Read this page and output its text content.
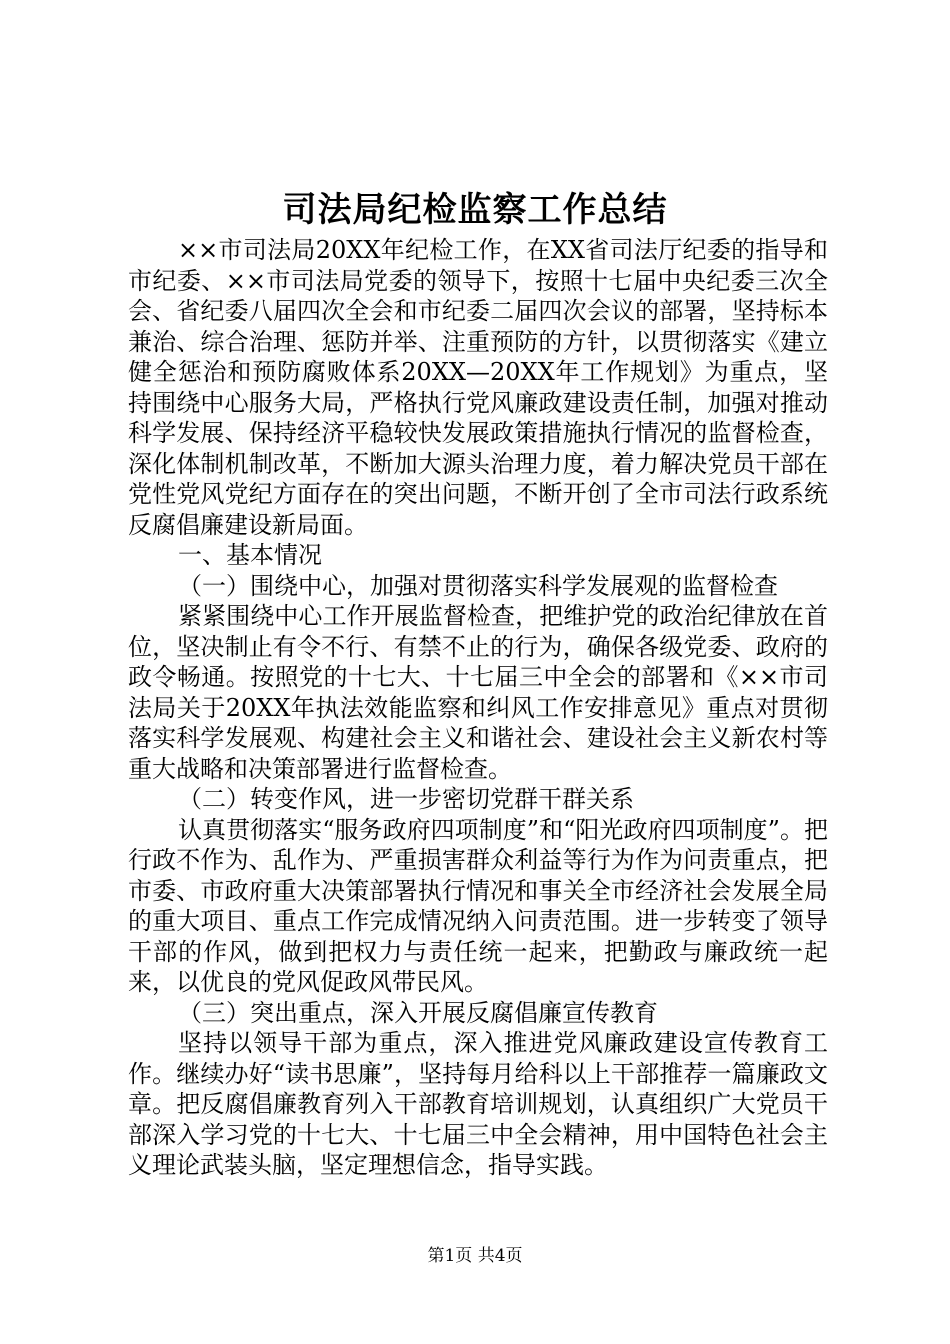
司法局纪检监察工作总结

××市司法局20XX年纪检工作，在XX省司法厅纪委的指导和市纪委、××市司法局党委的领导下，按照十七届中央纪委三次全会、省纪委八届四次全会和市纪委二届四次会议的部署，坚持标本兼治、综合治理、惩防并举、注重预防的方针，以贯彻落实《建立健全惩治和预防腐败体系20XX—20XX年工作规划》为重点，坚持围绕中心服务大局，严格执行党风廉政建设责任制，加强对推动科学发展、保持经济平稳较快发展政策措施执行情况的监督检查，深化体制机制改革，不断加大源头治理力度，着力解决党员干部在党性党风党纪方面存在的突出问题，不断开创了全市司法行政系统反腐倡廉建设新局面。

一、基本情况

（一）围绕中心，加强对贯彻落实科学发展观的监督检查

紧紧围绕中心工作开展监督检查，把维护党的政治纪律放在首位，坚决制止有令不行、有禁不止的行为，确保各级党委、政府的政令畅通。按照党的十七大、十七届三中全会的部署和《××市司法局关于20XX年执法效能监察和纠风工作安排意见》重点对贯彻落实科学发展观、构建社会主义和谐社会、建设社会主义新农村等重大战略和决策部署进行监督检查。

（二）转变作风，进一步密切党群干群关系

认真贯彻落实“服务政府四项制度”和“阳光政府四项制度”。把行政不作为、乱作为、严重损害群众利益等行为作为问责重点，把市委、市政府重大决策部署执行情况和事关全市经济社会发展全局的重大项目、重点工作完成情况纳入问责范围。进一步转变了领导干部的作风，做到把权力与责任统一起来，把勤政与廉政统一起来，以优良的党风促政风带民风。

（三）突出重点，深入开展反腐倡廉宣传教育

坚持以领导干部为重点，深入推进党风廉政建设宣传教育工作。继续办好“读书思廉”，坚持每月给科以上干部推荐一篇廉政文章。把反腐倡廉教育列入干部教育培训规划，认真组织广大党员干部深入学习党的十七大、十七届三中全会精神，用中国特色社会主义理论武装头脑，坚定理想信念，指导实践。

第1页 共4页
